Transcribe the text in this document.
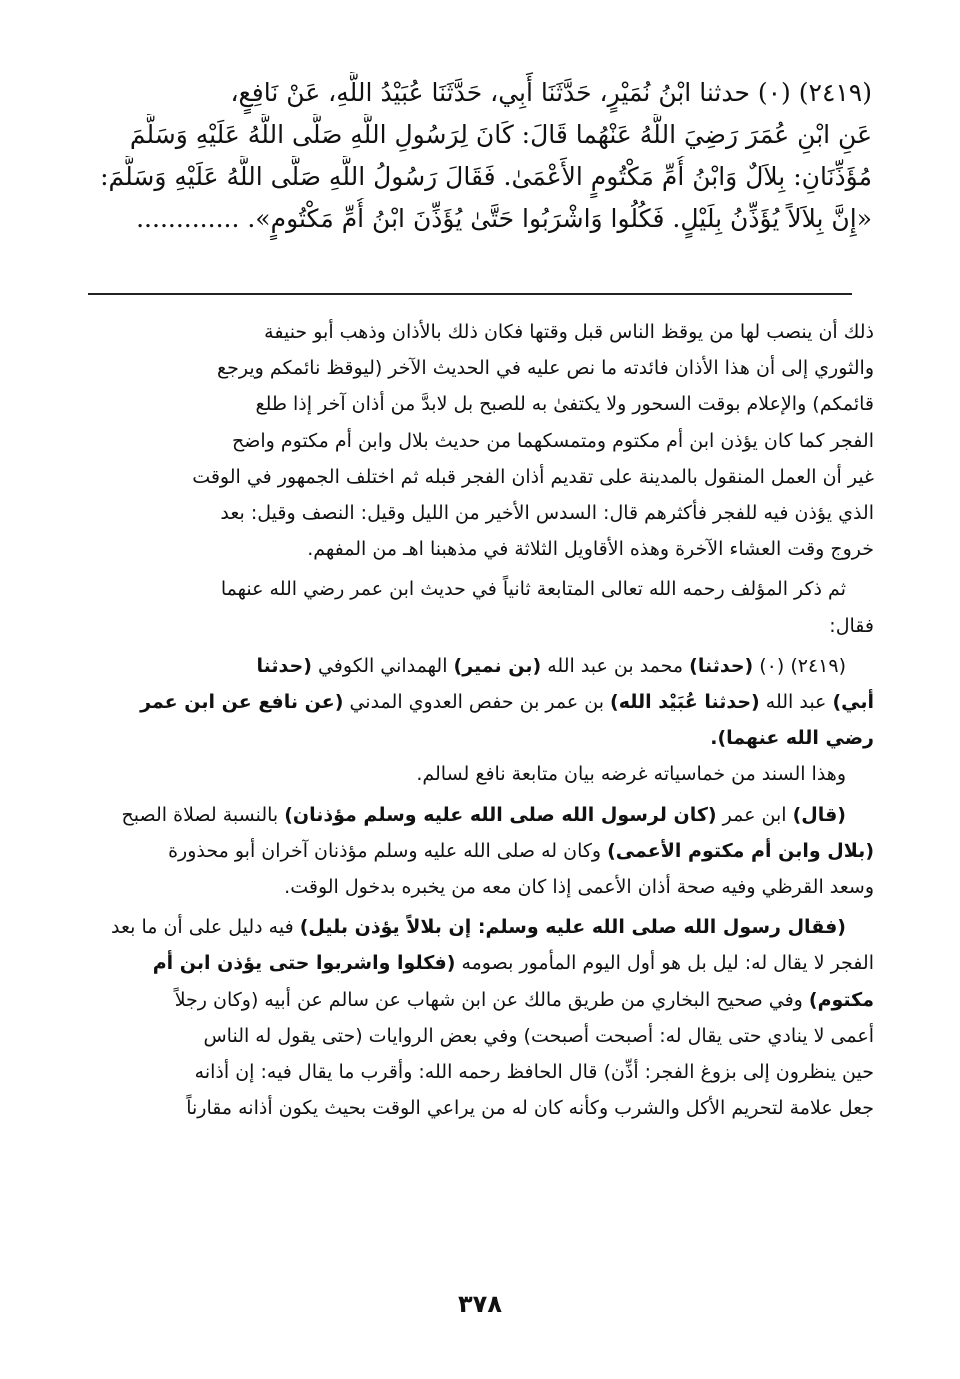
(٢٤١٩) (٠) حدثنا ابْنُ نُمَيْرٍ، حَدَّثَنَا أَبِي، حَدَّثَنَا عُبَيْدُ اللَّهِ، عَنْ نَافِعٍ،
عَنِ ابْنِ عُمَرَ رَضِيَ اللَّهُ عَنْهُما قَالَ: كَانَ لِرَسُولِ اللَّهِ صَلَّى اللَّهُ عَلَيْهِ وَسَلَّمَ
مُؤَذِّنَانِ: بِلاَلٌ وَابْنُ أُمِّ مَكْتُومٍ الأَعْمَىٰ. فَقَالَ رَسُولُ اللَّهِ صَلَّى اللَّهُ عَلَيْهِ وَسَلَّمَ:
«إِنَّ بِلاَلاً يُؤَذِّنُ بِلَيْلٍ. فَكُلُوا وَاشْرَبُوا حَتَّىٰ يُؤَذِّنَ ابْنُ أُمِّ مَكْتُومٍ». .............

ذلك أن ينصب لها من يوقظ الناس قبل وقتها فكان ذلك بالأذان وذهب أبو حنيفة
والثوري إلى أن هذا الأذان فائدته ما نص عليه في الحديث الآخر (ليوقظ نائمكم ويرجع
قائمكم) والإعلام بوقت السحور ولا يكتفىٰ به للصبح بل لابدَّ من أذان آخر إذا طلع
الفجر كما كان يؤذن ابن أم مكتوم ومتمسكهما من حديث بلال وابن أم مكتوم واضح
غير أن العمل المنقول بالمدينة على تقديم أذان الفجر قبله ثم اختلف الجمهور في الوقت
الذي يؤذن فيه للفجر فأكثرهم قال: السدس الأخير من الليل وقيل: النصف وقيل: بعد
خروج وقت العشاء الآخرة وهذه الأقاويل الثلاثة في مذهبنا اهـ من المفهم.

ثم ذكر المؤلف رحمه الله تعالى المتابعة ثانياً في حديث ابن عمر رضي الله عنهما
فقال:

(٢٤١٩) (٠) (حدثنا) محمد بن عبد الله (بن نمير) الهمداني الكوفي (حدثنا
أبي) عبد الله (حدثنا عُبَيْد الله) بن عمر بن حفص العدوي المدني (عن نافع عن ابن عمر
رضي الله عنهما).

وهذا السند من خماسياته غرضه بيان متابعة نافع لسالم.

(قال) ابن عمر (كان لرسول الله صلى الله عليه وسلم مؤذنان) بالنسبة لصلاة الصبح
(بلال وابن أم مكتوم الأعمى) وكان له صلى الله عليه وسلم مؤذنان آخران أبو محذورة
وسعد القرظي وفيه صحة أذان الأعمى إذا كان معه من يخبره بدخول الوقت.

(فقال رسول الله صلى الله عليه وسلم: إن بلالاً يؤذن بليل) فيه دليل على أن ما بعد
الفجر لا يقال له: ليل بل هو أول اليوم المأمور بصومه (فكلوا واشربوا حتى يؤذن ابن أم
مكتوم) وفي صحيح البخاري من طريق مالك عن ابن شهاب عن سالم عن أبيه (وكان رجلاً
أعمى لا ينادي حتى يقال له: أصبحت أصبحت) وفي بعض الروايات (حتى يقول له الناس
حين ينظرون إلى بزوغ الفجر: أذِّن) قال الحافظ رحمه الله: وأقرب ما يقال فيه: إن أذانه
جعل علامة لتحريم الأكل والشرب وكأنه كان له من يراعي الوقت بحيث يكون أذانه مقارناً

٣٧٨
